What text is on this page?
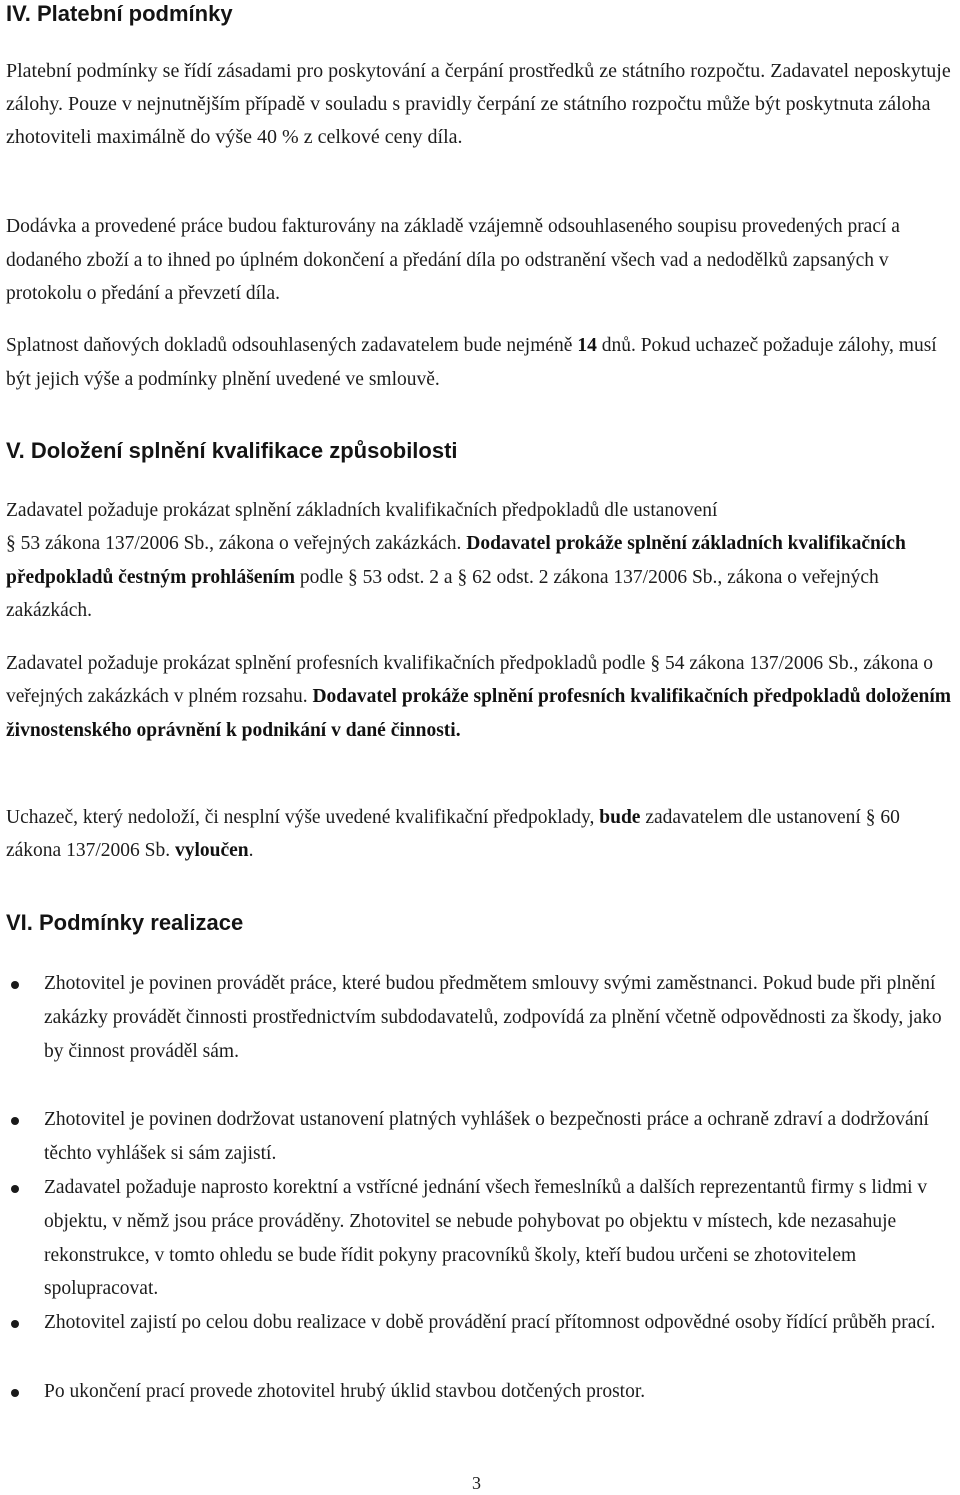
IV. Platební podmínky

Platební podmínky se řídí zásadami pro poskytování a čerpání prostředků ze státního rozpočtu. Zadavatel neposkytuje zálohy. Pouze v nejnutnějším případě v souladu s pravidly čerpání ze státního rozpočtu může být poskytnuta záloha zhotoviteli maximálně do výše 40 % z celkové ceny díla.

Dodávka a provedené práce budou fakturovány na základě vzájemně odsouhlaseného soupisu provedených prací a dodaného zboží a to ihned po úplném dokončení a předání díla po odstranění všech vad a nedodělků zapsaných v protokolu o předání a převzetí díla.

Splatnost daňových dokladů odsouhlasených zadavatelem bude nejméně 14 dnů. Pokud uchazeč požaduje zálohy, musí být jejich výše a podmínky plnění uvedené ve smlouvě.

V. Doložení splnění kvalifikace způsobilosti

Zadavatel požaduje prokázat splnění základních kvalifikačních předpokladů dle ustanovení
§ 53 zákona 137/2006 Sb., zákona o veřejných zakázkách. Dodavatel prokáže splnění základních kvalifikačních předpokladů čestným prohlášením podle § 53 odst. 2 a § 62 odst. 2 zákona 137/2006 Sb., zákona o veřejných zakázkách.

Zadavatel požaduje prokázat splnění profesních kvalifikačních předpokladů podle § 54 zákona 137/2006 Sb., zákona o veřejných zakázkách v plném rozsahu. Dodavatel prokáže splnění profesních kvalifikačních předpokladů doložením živnostenského oprávnění k podnikání v dané činnosti.

Uchazeč, který nedoloží, či nesplní výše uvedené kvalifikační předpoklady, bude zadavatelem dle ustanovení § 60 zákona 137/2006 Sb. vyloučen.

VI. Podmínky realizace

Zhotovitel je povinen provádět práce, které budou předmětem smlouvy svými zaměstnanci. Pokud bude při plnění zakázky provádět činnosti prostřednictvím subdodavatelů, zodpovídá za plnění včetně odpovědnosti za škody, jako by činnost prováděl sám.

Zhotovitel je povinen dodržovat ustanovení platných vyhlášek o bezpečnosti práce a ochraně zdraví a dodržování těchto vyhlášek si sám zajistí.

Zadavatel požaduje naprosto korektní a vstřícné jednání všech řemeslníků a dalších reprezentantů firmy s lidmi v objektu, v němž jsou práce prováděny. Zhotovitel se nebude pohybovat po objektu v místech, kde nezasahuje rekonstrukce, v tomto ohledu se bude řídit pokyny pracovníků školy, kteří budou určeni se zhotovitelem spolupracovat.

Zhotovitel zajistí po celou dobu realizace v době provádění prací přítomnost odpovědné osoby řídící průběh prací.

Po ukončení prací provede zhotovitel hrubý úklid stavbou dotčených prostor.

3
